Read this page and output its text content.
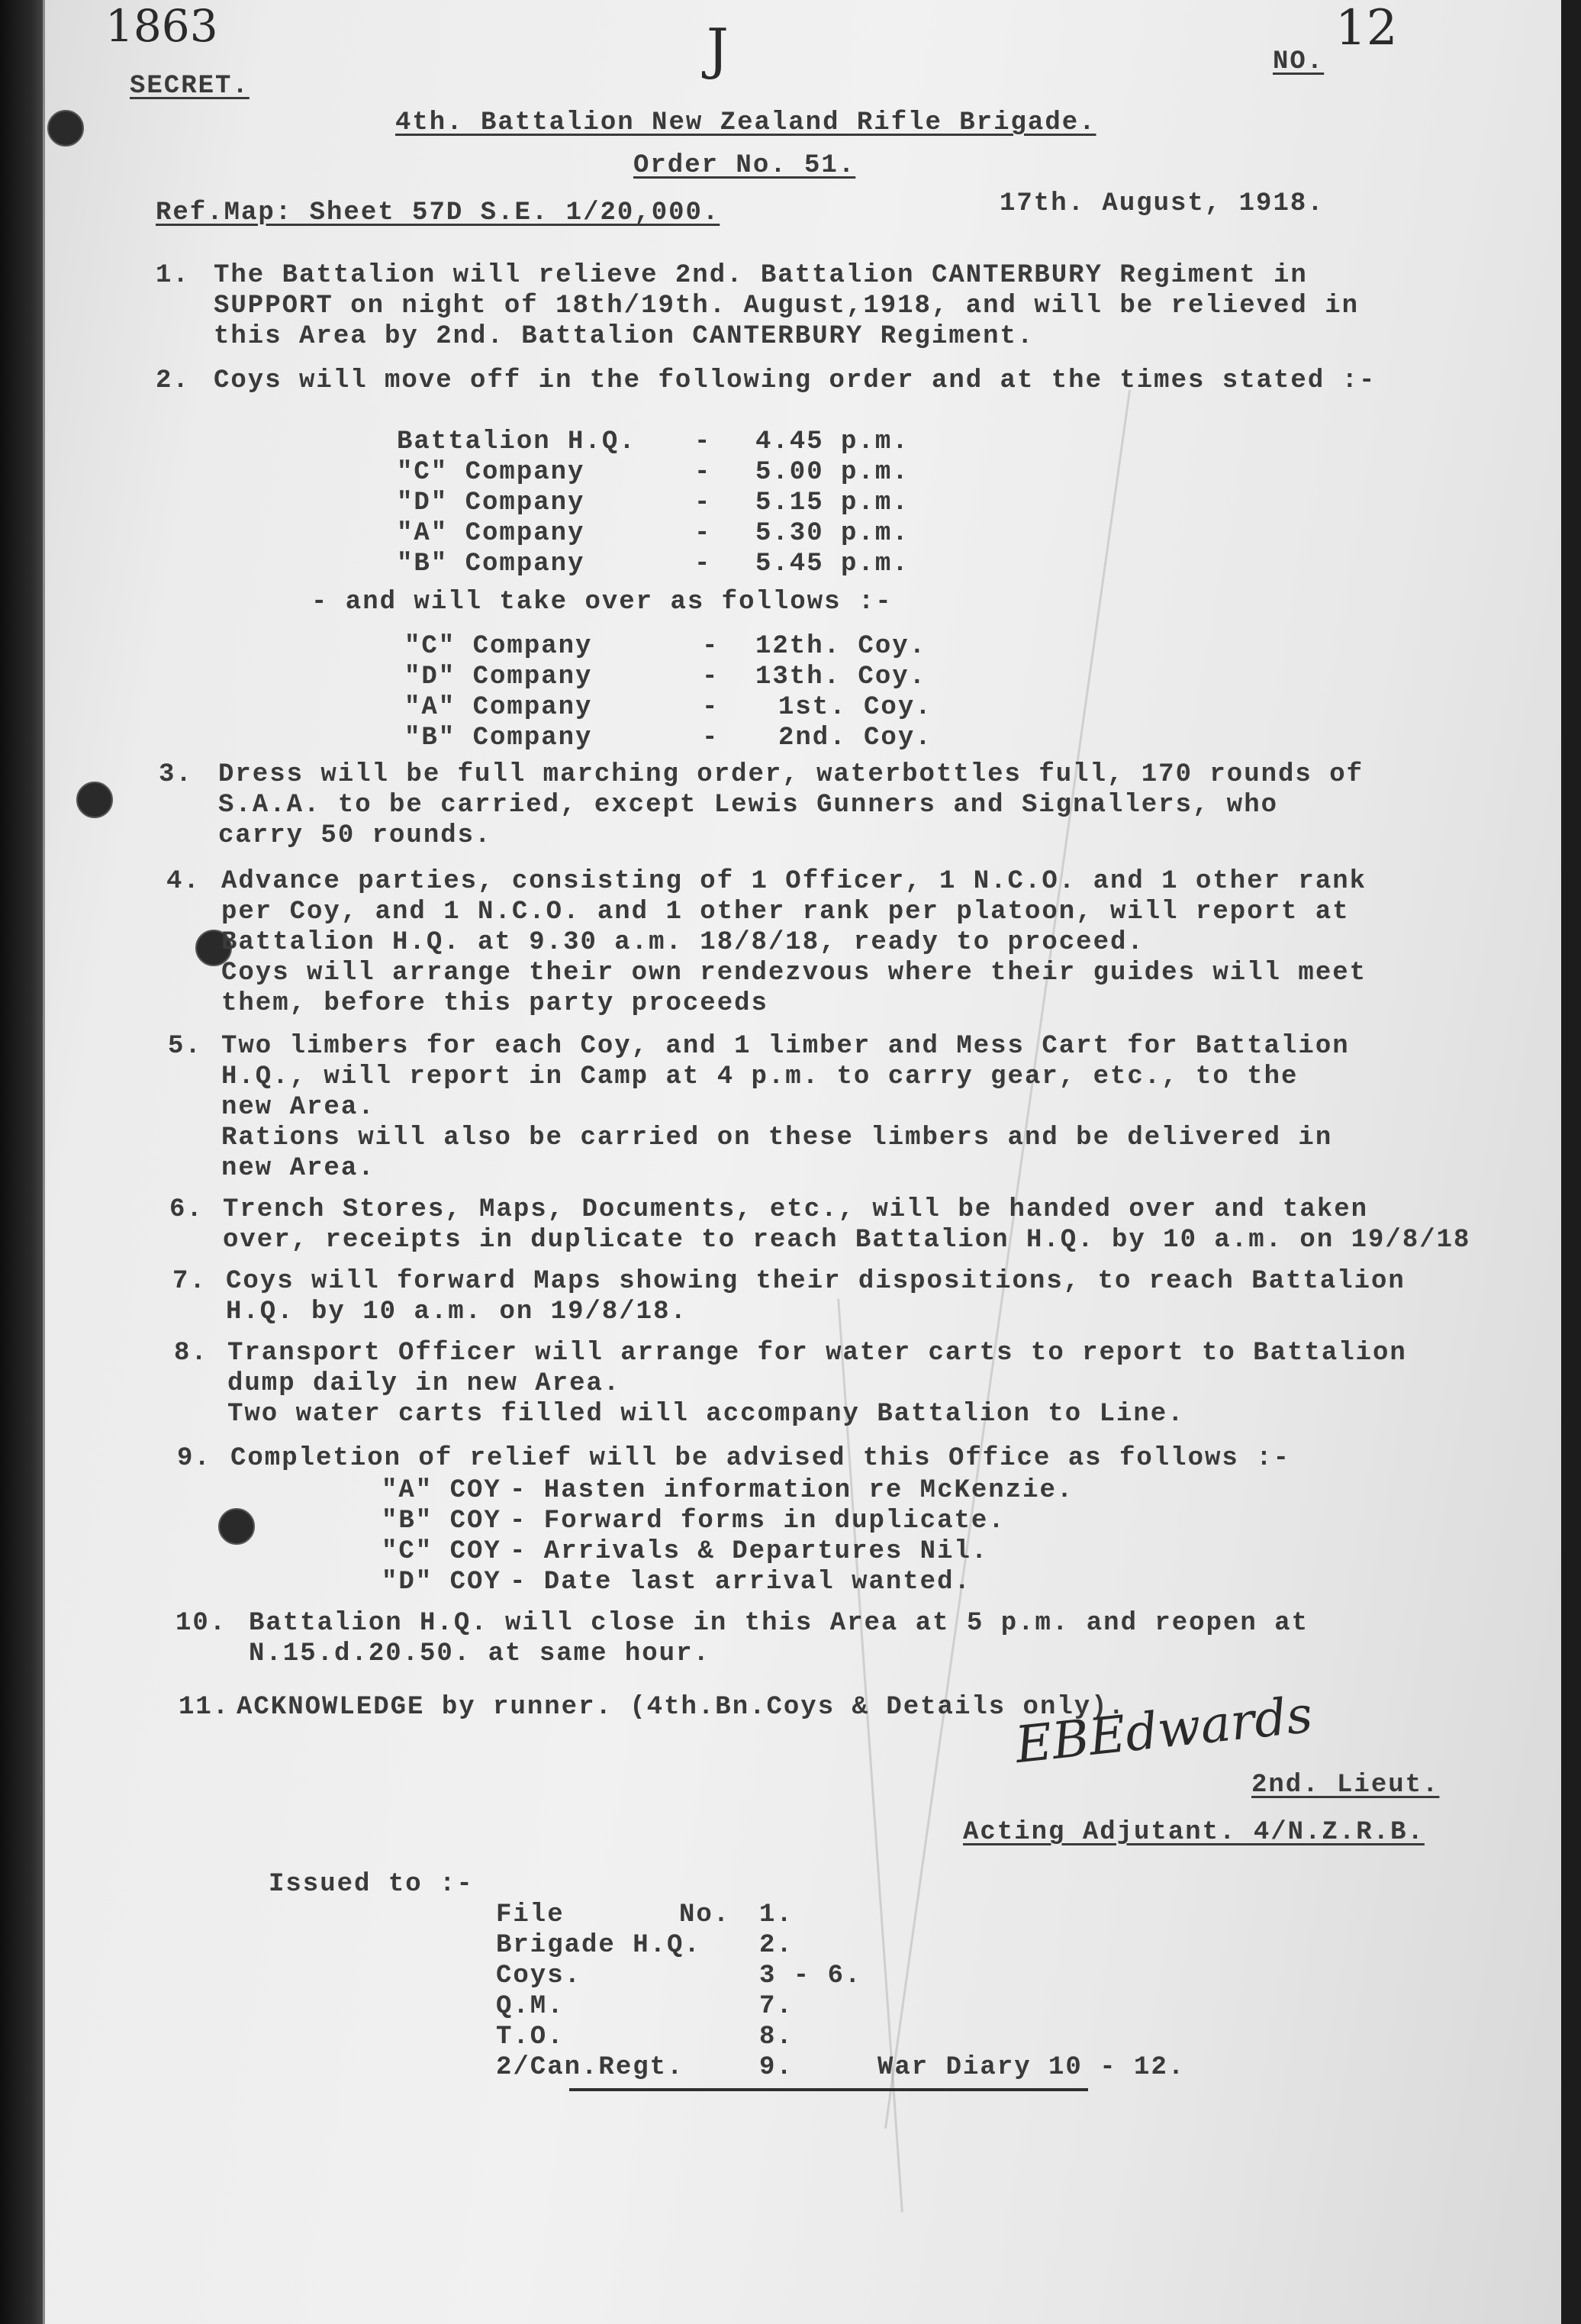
1863	J
SECRET.
NO.
12
4th. Battalion New Zealand Rifle Brigade.
Order No. 51.
Ref.Map: Sheet 57D S.E. 1/20,000.	17th. August, 1918.
1. The Battalion will relieve 2nd. Battalion CANTERBURY Regiment in
SUPPORT on night of 18th/19th. August,1918, and will be relieved in
this Area by 2nd. Battalion CANTERBURY Regiment.
2. Coys will move off in the following order and at the times stated :-
Battalion H.Q. - 4.45 p.m.
"C" Company	- 5.00 p.m.
"D" Company	- 5.15 p.m.
"A" Company	- 5.30 p.m.
"B" Company	- 5.45 p.m.
- and will take over as follows :-
"C" Company	- 12th. Coy.
"D" Company	- 13th. Coy.
"A" Company	- 1st. Coy.
"B" Company	- 2nd. Coy.
3. Dress will be full marching order, waterbottles full, 170 rounds of
S.A.A. to be carried, except Lewis Gunners and Signallers, who
carry 50 rounds.
4. Advance parties, consisting of 1 Officer, 1 N.C.O. and 1 other rank
per Coy, and 1 N.C.O. and 1 other rank per platoon, will report at
Battalion H.Q. at 9.30 a.m. 18/8/18, ready to proceed.
Coys will arrange their own rendezvous where their guides will meet
them, before this party proceeds
5. Two limbers for each Coy, and 1 limber and Mess Cart for Battalion
H.Q., will report in Camp at 4 p.m. to carry gear, etc., to the
new Area.
Rations will also be carried on these limbers and be delivered in
new Area.
6. Trench Stores, Maps, Documents, etc., will be handed over and taken
over, receipts in duplicate to reach Battalion H.Q. by 10 a.m. on 19/8/18
7. Coys will forward Maps showing their dispositions, to reach Battalion
H.Q. by 10 a.m. on 19/8/18.
8. Transport Officer will arrange for water carts to report to Battalion
dump daily in new Area.
Two water carts filled will accompany Battalion to Line.
9. Completion of relief will be advised this Office as follows :-
"A" COY - Hasten information re McKenzie.
"B" COY - Forward forms in duplicate.
"C" COY - Arrivals & Departures Nil.
"D" COY - Date last arrival wanted.
10. Battalion H.Q. will close in this Area at 5 p.m. and reopen at
N.15.d.20.50. at same hour.
11. ACKNOWLEDGE by runner. (4th.Bn.Coys & Details only).
EBEdwards
2nd. Lieut.
Acting Adjutant. 4/N.Z.R.B.
Issued to :-
File	No. 1.
Brigade H.Q. 2.
Coys.	3 - 6.
Q.M.	7.
T.O.	8.
2/Can.Regt.	9.	War Diary 10 - 12.
